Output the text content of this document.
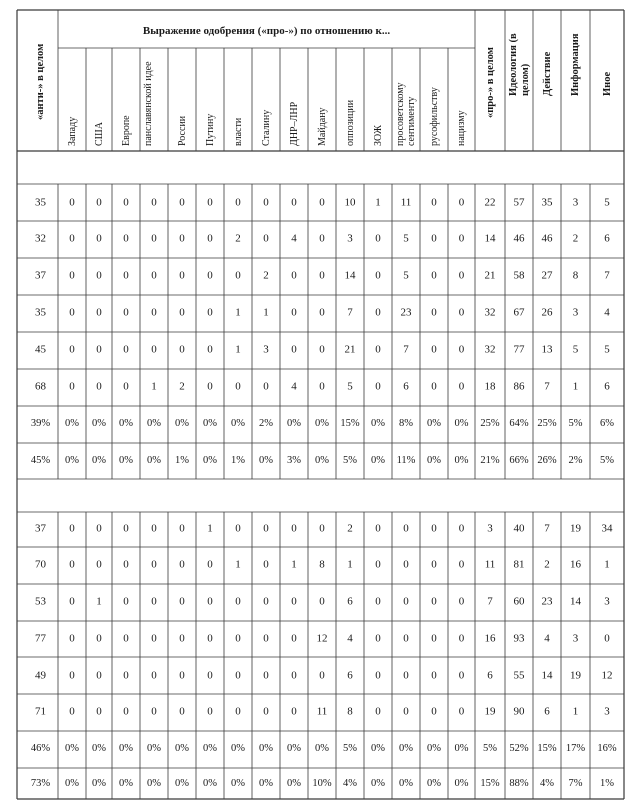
Выражение одобрения («про-») по отношению к...
«анти-» в целом
Западу США Европе панславянской идее России Путину власти Сталину ДНР–ЛНР Майдану оппозиции ЗОЖ просоветскому сентименту русофильству нацизму
«про-» в целом Идеология (в целом) Действие Информация Иное
35 0 0 0 0 0 0 0 0 0 0 10 1 11 0 0 22 57 35 3 5
32 0 0 0 0 0 0 2 0 4 0 3 0 5 0 0 14 46 46 2 6
37 0 0 0 0 0 0 0 2 0 0 14 0 5 0 0 21 58 27 8 7
35 0 0 0 0 0 0 1 1 0 0 7 0 23 0 0 32 67 26 3 4
45 0 0 0 0 0 0 1 3 0 0 21 0 7 0 0 32 77 13 5 5
68 0 0 0 1 2 0 0 0 4 0 5 0 6 0 0 18 86 7 1 6
39% 0% 0% 0% 0% 0% 0% 0% 2% 0% 0% 15% 0% 8% 0% 0% 25% 64% 25% 5% 6%
45% 0% 0% 0% 0% 1% 0% 1% 0% 3% 0% 5% 0% 11% 0% 0% 21% 66% 26% 2% 5%
37 0 0 0 0 0 1 0 0 0 0 2 0 0 0 0 3 40 7 19 34
70 0 0 0 0 0 0 1 0 1 8 1 0 0 0 0 11 81 2 16 1
53 0 1 0 0 0 0 0 0 0 0 6 0 0 0 0 7 60 23 14 3
77 0 0 0 0 0 0 0 0 0 12 4 0 0 0 0 16 93 4 3 0
49 0 0 0 0 0 0 0 0 0 0 6 0 0 0 0 6 55 14 19 12
71 0 0 0 0 0 0 0 0 0 11 8 0 0 0 0 19 90 6 1 3
46% 0% 0% 0% 0% 0% 0% 0% 0% 0% 0% 5% 0% 0% 0% 0% 5% 52% 15% 17% 16%
73% 0% 0% 0% 0% 0% 0% 0% 0% 0% 10% 4% 0% 0% 0% 0% 15% 88% 4% 7% 1%
